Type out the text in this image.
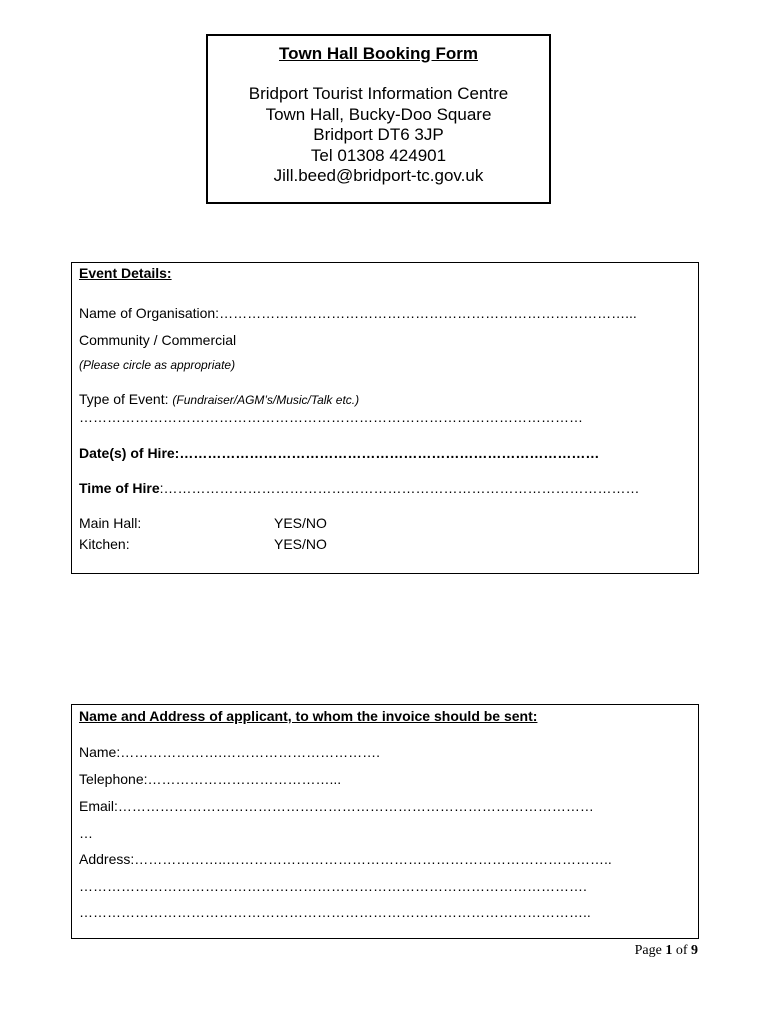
Town Hall Booking Form
Bridport Tourist Information Centre
Town Hall, Bucky-Doo Square
Bridport DT6 3JP
Tel 01308 424901
Jill.beed@bridport-tc.gov.uk
Event Details:
Name of Organisation:……………………………………………………………………………...
Community / Commercial
(Please circle as appropriate)
Type of Event: (Fundraiser/AGM’s/Music/Talk etc.)
………………………………………………………………………………………………
Date(s) of Hire:………………………………………………………………………………
Time of Hire:…………………………………………………………………………………………
Main Hall:	YES/NO
Kitchen:	YES/NO
Name and Address of applicant, to whom the invoice should be sent:
Name:………………….…………………………….
Telephone:…………………………………...
Email:…………………………………………………………………………………………
…
Address:………………..………………………………………………………………………..
……………………………………………………………………………………………….
………………………………………………………………………………………………..
Page 1 of 9
